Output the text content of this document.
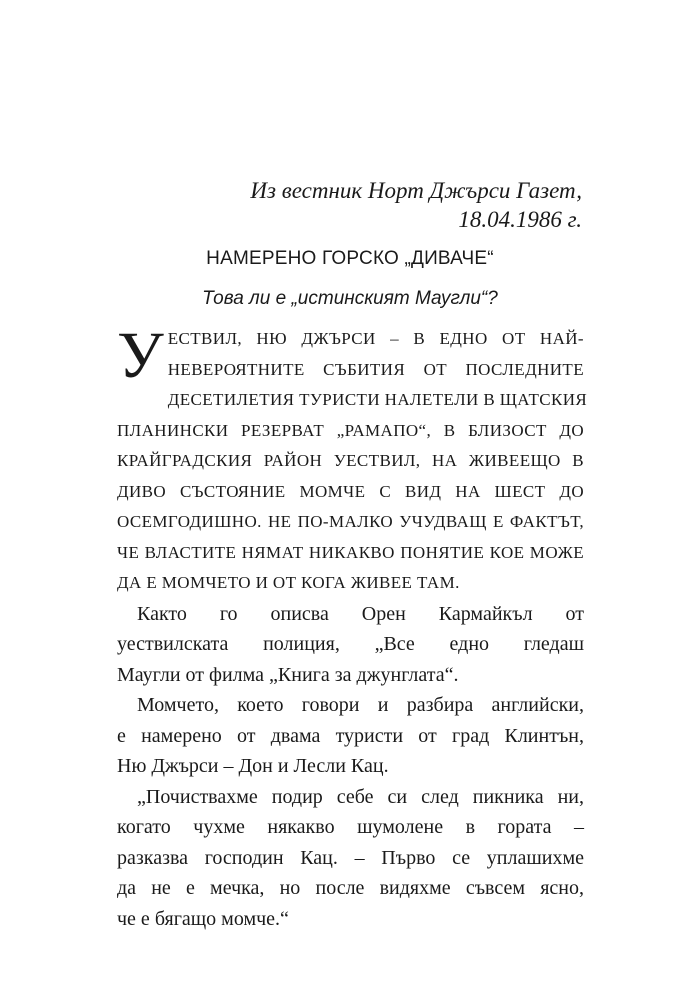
Из вестник Норт Джърси Газет,
18.04.1986 г.
НАМЕРЕНО ГОРСКО „ДИВАЧЕ“
Това ли е „истинският Маугли“?
У ЕСТВИЛ, НЮ ДЖЪРСИ – В ЕДНО ОТ НАЙ-
НЕВЕРОЯТНИТЕ СЪБИТИЯ ОТ ПОСЛЕДНИТЕ
ДЕСЕТИЛЕТИЯ ТУРИСТИ НАЛЕТЕЛИ В ЩАТСКИЯ
ПЛАНИНСКИ РЕЗЕРВАТ „РАМАПО“, В БЛИЗОСТ ДО
КРАЙГРАДСКИЯ РАЙОН УЕСТВИЛ, НА ЖИВЕЕЩО В
ДИВО СЪСТОЯНИЕ МОМЧЕ С ВИД НА ШЕСТ ДО
ОСЕМГОДИШНО. НЕ ПО-МАЛКО УЧУДВАЩ Е ФАКТЪТ,
ЧЕ ВЛАСТИТЕ НЯМАТ НИКАКВО ПОНЯТИЕ КОЕ МОЖЕ
ДА Е МОМЧЕТО И ОТ КОГА ЖИВЕЕ ТАМ.
Както го описва Орен Кармайкъл от
уествилската полиция, „Все едно гледаш
Маугли от филма „Книга за джунглата“.
Момчето, което говори и разбира английски,
е намерено от двама туристи от град Клинтън,
Ню Джърси – Дон и Лесли Кац.
„Почиствахме подир себе си след пикника ни,
когато чухме някакво шумолене в гората –
разказва господин Кац. – Първо се уплашихме
да не е мечка, но после видяхме съвсем ясно,
че е бягащо момче.“
